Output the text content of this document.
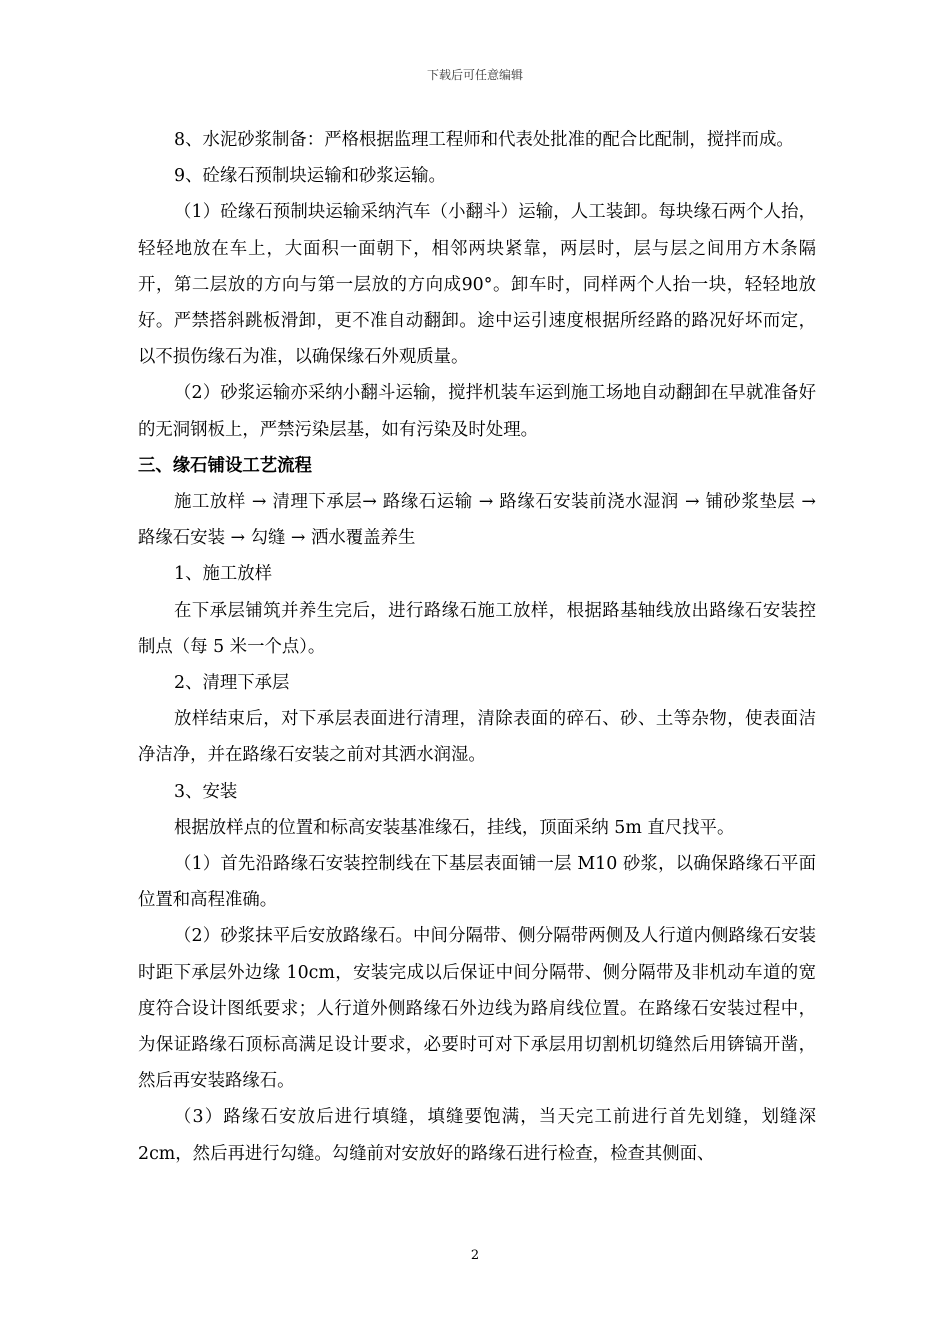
下载后可任意编辑

8、水泥砂浆制备：严格根据监理工程师和代表处批准的配合比配制，搅拌而成。

9、砼缘石预制块运输和砂浆运输。

（1）砼缘石预制块运输采纳汽车（小翻斗）运输，人工装卸。每块缘石两个人抬，轻轻地放在车上，大面积一面朝下，相邻两块紧靠，两层时，层与层之间用方木条隔开，第二层放的方向与第一层放的方向成90°。卸车时，同样两个人抬一块，轻轻地放好。严禁搭斜跳板滑卸，更不准自动翻卸。途中运引速度根据所经路的路况好坏而定，以不损伤缘石为准，以确保缘石外观质量。

（2）砂浆运输亦采纳小翻斗运输，搅拌机装车运到施工场地自动翻卸在早就准备好的无洞钢板上，严禁污染层基，如有污染及时处理。

三、缘石铺设工艺流程

施工放样 → 清理下承层→ 路缘石运输 → 路缘石安装前浇水湿润 → 铺砂浆垫层 → 路缘石安装 → 勾缝 → 洒水覆盖养生

1、施工放样

在下承层铺筑并养生完后，进行路缘石施工放样，根据路基轴线放出路缘石安装控制点（每 5 米一个点）。

2、清理下承层

放样结束后，对下承层表面进行清理，清除表面的碎石、砂、土等杂物，使表面洁净洁净，并在路缘石安装之前对其洒水润湿。

3、安装

根据放样点的位置和标高安装基准缘石，挂线，顶面采纳 5m 直尺找平。

（1）首先沿路缘石安装控制线在下基层表面铺一层 M10 砂浆，以确保路缘石平面位置和高程准确。

（2）砂浆抹平后安放路缘石。中间分隔带、侧分隔带两侧及人行道内侧路缘石安装时距下承层外边缘 10cm，安装完成以后保证中间分隔带、侧分隔带及非机动车道的宽度符合设计图纸要求；人行道外侧路缘石外边线为路肩线位置。在路缘石安装过程中，为保证路缘石顶标高满足设计要求，必要时可对下承层用切割机切缝然后用锛镐开凿，然后再安装路缘石。

（3）路缘石安放后进行填缝，填缝要饱满，当天完工前进行首先划缝，划缝深 2cm，然后再进行勾缝。勾缝前对安放好的路缘石进行检查，检查其侧面、

2
